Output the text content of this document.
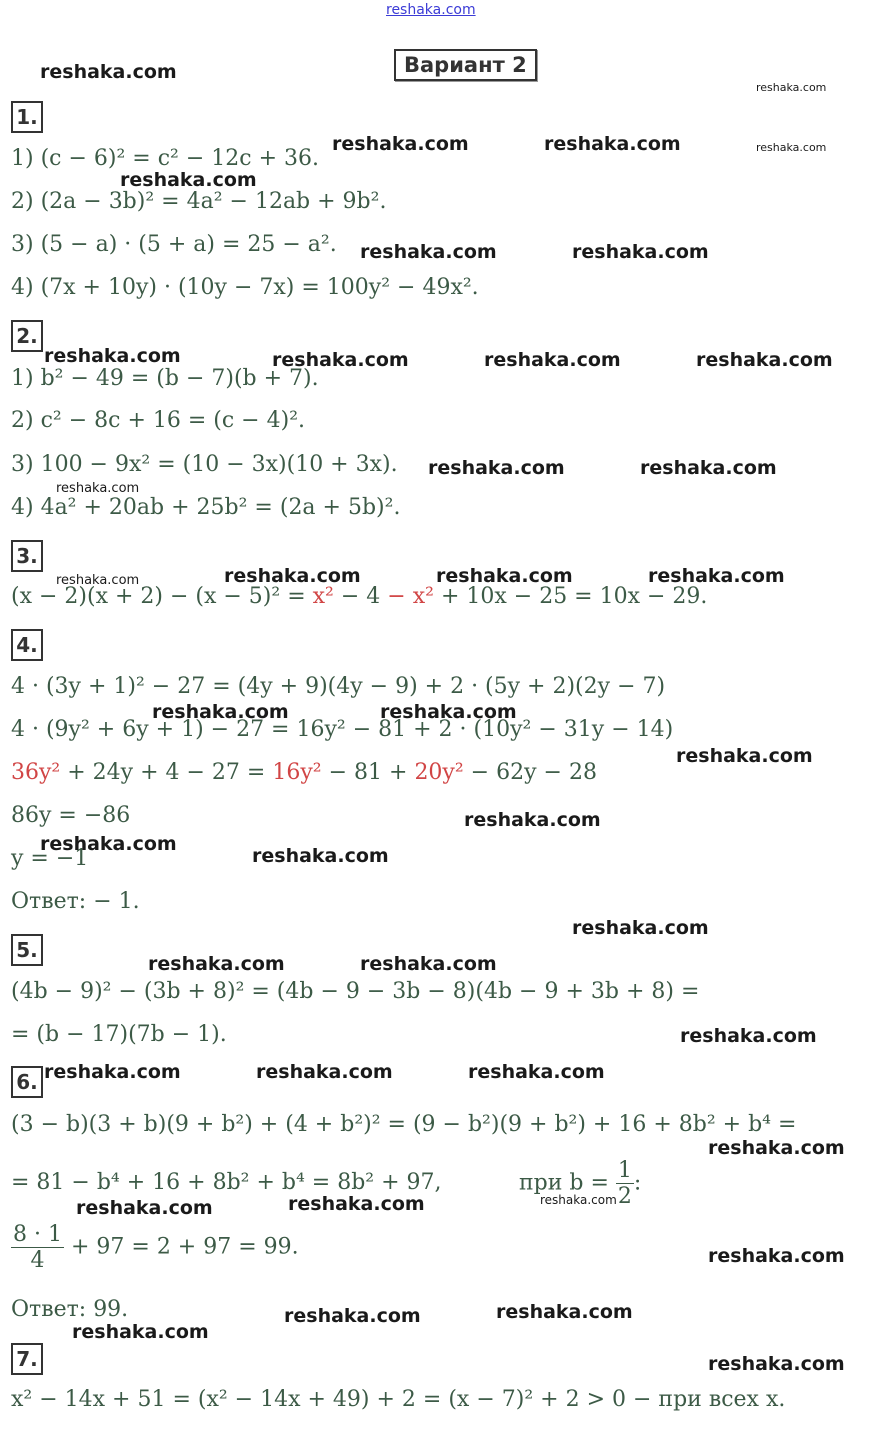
reshaka.com
Вариант 2
1.
1) (c − 6)² = c² − 12c + 36.
2) (2a − 3b)² = 4a² − 12ab + 9b².
3) (5 − a) · (5 + a) = 25 − a².
4) (7x + 10y) · (10y − 7x) = 100y² − 49x².
2.
1) b² − 49 = (b − 7)(b + 7).
2) c² − 8c + 16 = (c − 4)².
3) 100 − 9x² = (10 − 3x)(10 + 3x).
4) 4a² + 20ab + 25b² = (2a + 5b)².
3.
(x − 2)(x + 2) − (x − 5)² = x² − 4 − x² + 10x − 25 = 10x − 29.
4.
4 · (3y + 1)² − 27 = (4y + 9)(4y − 9) + 2 · (5y + 2)(2y − 7)
4 · (9y² + 6y + 1) − 27 = 16y² − 81 + 2 · (10y² − 31y − 14)
36y² + 24y + 4 − 27 = 16y² − 81 + 20y² − 62y − 28
86y = −86
y = −1
Ответ: − 1.
5.
(4b − 9)² − (3b + 8)² = (4b − 9 − 3b − 8)(4b − 9 + 3b + 8) =
= (b − 17)(7b − 1).
6.
(3 − b)(3 + b)(9 + b²) + (4 + b²)² = (9 − b²)(9 + b²) + 16 + 8b² + b⁴ =
= 81 − b⁴ + 16 + 8b² + b⁴ = 8b² + 97,	при $b = \frac{1}{2}$ :
$\frac{8 \cdot 1}{4} + 97 = 2 + 97 = 99$.
Ответ: 99.
7.
x² − 14x + 51 = (x² − 14x + 49) + 2 = (x − 7)² + 2 > 0 − при всех x.
reshaka.com
reshaka.com
reshaka.com	reshaka.com	reshaka.com
reshaka.com
reshaka.com	reshaka.com
reshaka.com	reshaka.com	reshaka.com	reshaka.com
reshaka.com	reshaka.com
reshaka.com
reshaka.com	reshaka.com	reshaka.com	reshaka.com
reshaka.com	reshaka.com
reshaka.com
reshaka.com
reshaka.com
reshaka.com
reshaka.com
reshaka.com	reshaka.com
reshaka.com
reshaka.com	reshaka.com	reshaka.com
reshaka.com
reshaka.com	reshaka.com	reshaka.com
reshaka.com
reshaka.com	reshaka.com
reshaka.com
reshaka.com
